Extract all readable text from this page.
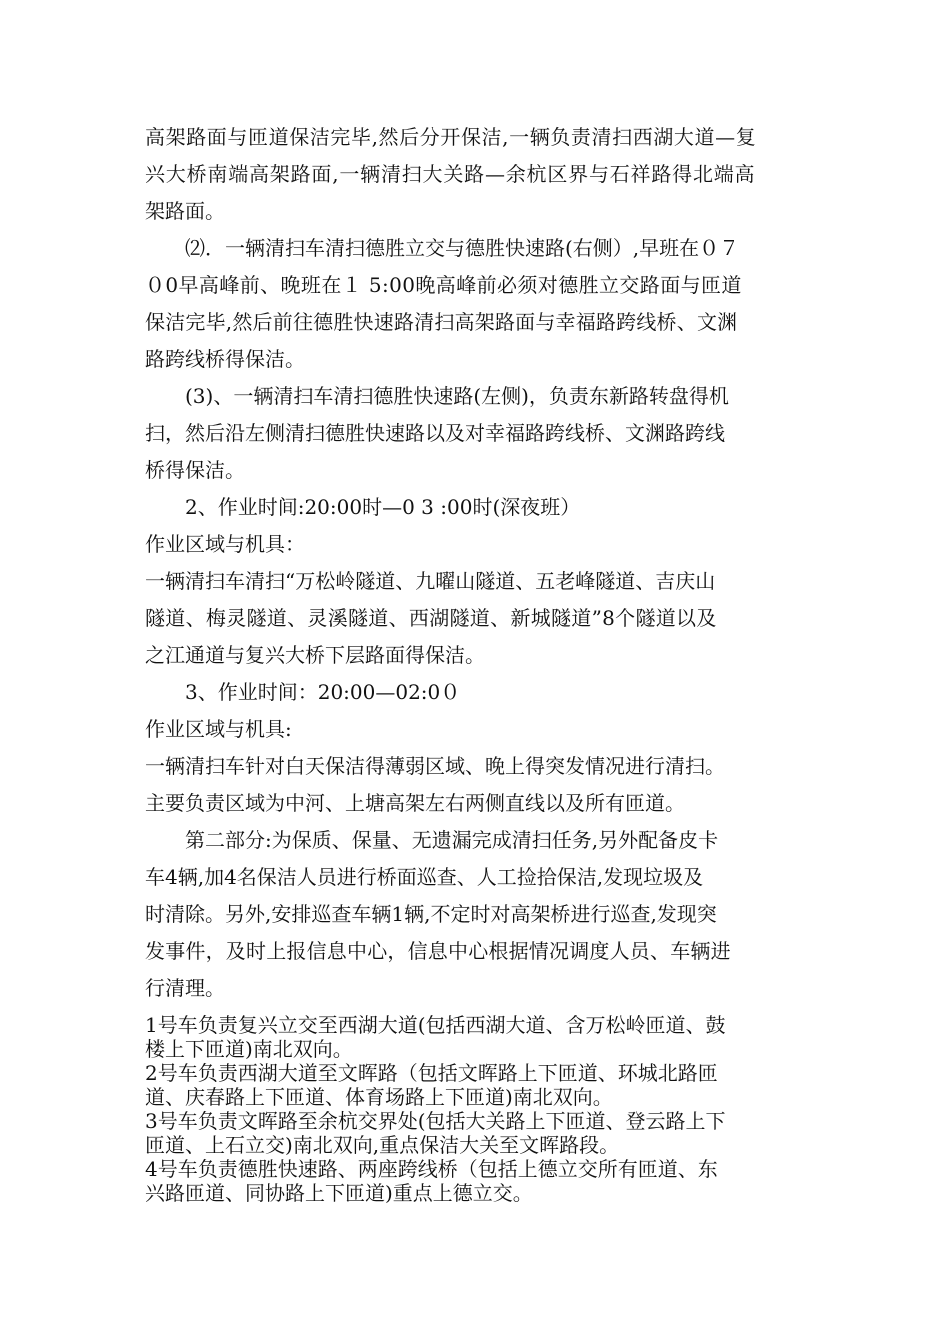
高架路面与匝道保洁完毕,然后分开保洁,一辆负责清扫西湖大道—复
兴大桥南端高架路面,一辆清扫大关路—余杭区界与石祥路得北端高
架路面。
⑵．一辆清扫车清扫德胜立交与德胜快速路(右侧）,早班在０７
０0早高峰前、晚班在１ 5:00晚高峰前必须对德胜立交路面与匝道
保洁完毕,然后前往德胜快速路清扫高架路面与幸福路跨线桥、文渊
路跨线桥得保洁。
(3)、一辆清扫车清扫德胜快速路(左侧)，负责东新路转盘得机
扫，然后沿左侧清扫德胜快速路以及对幸福路跨线桥、文渊路跨线
桥得保洁。
2、作业时间:20:00时—0 3 :00时(深夜班）
作业区域与机具：
一辆清扫车清扫“万松岭隧道、九曜山隧道、五老峰隧道、吉庆山
隧道、梅灵隧道、灵溪隧道、西湖隧道、新城隧道”8个隧道以及
之江通道与复兴大桥下层路面得保洁。
3、作业时间：20:00—02:0０
作业区域与机具:
一辆清扫车针对白天保洁得薄弱区域、晚上得突发情况进行清扫。
主要负责区域为中河、上塘高架左右两侧直线以及所有匝道。
第二部分:为保质、保量、无遗漏完成清扫任务,另外配备皮卡
车4辆,加4名保洁人员进行桥面巡查、人工捡拾保洁,发现垃圾及
时清除。另外,安排巡查车辆1辆,不定时对高架桥进行巡查,发现突
发事件，及时上报信息中心，信息中心根据情况调度人员、车辆进
行清理。
1号车负责复兴立交至西湖大道(包括西湖大道、含万松岭匝道、鼓
楼上下匝道)南北双向。
2号车负责西湖大道至文晖路（包括文晖路上下匝道、环城北路匝
道、庆春路上下匝道、体育场路上下匝道)南北双向。
3号车负责文晖路至余杭交界处(包括大关路上下匝道、登云路上下
匝道、上石立交)南北双向,重点保洁大关至文晖路段。
4号车负责德胜快速路、两座跨线桥（包括上德立交所有匝道、东
兴路匝道、同协路上下匝道)重点上德立交。
